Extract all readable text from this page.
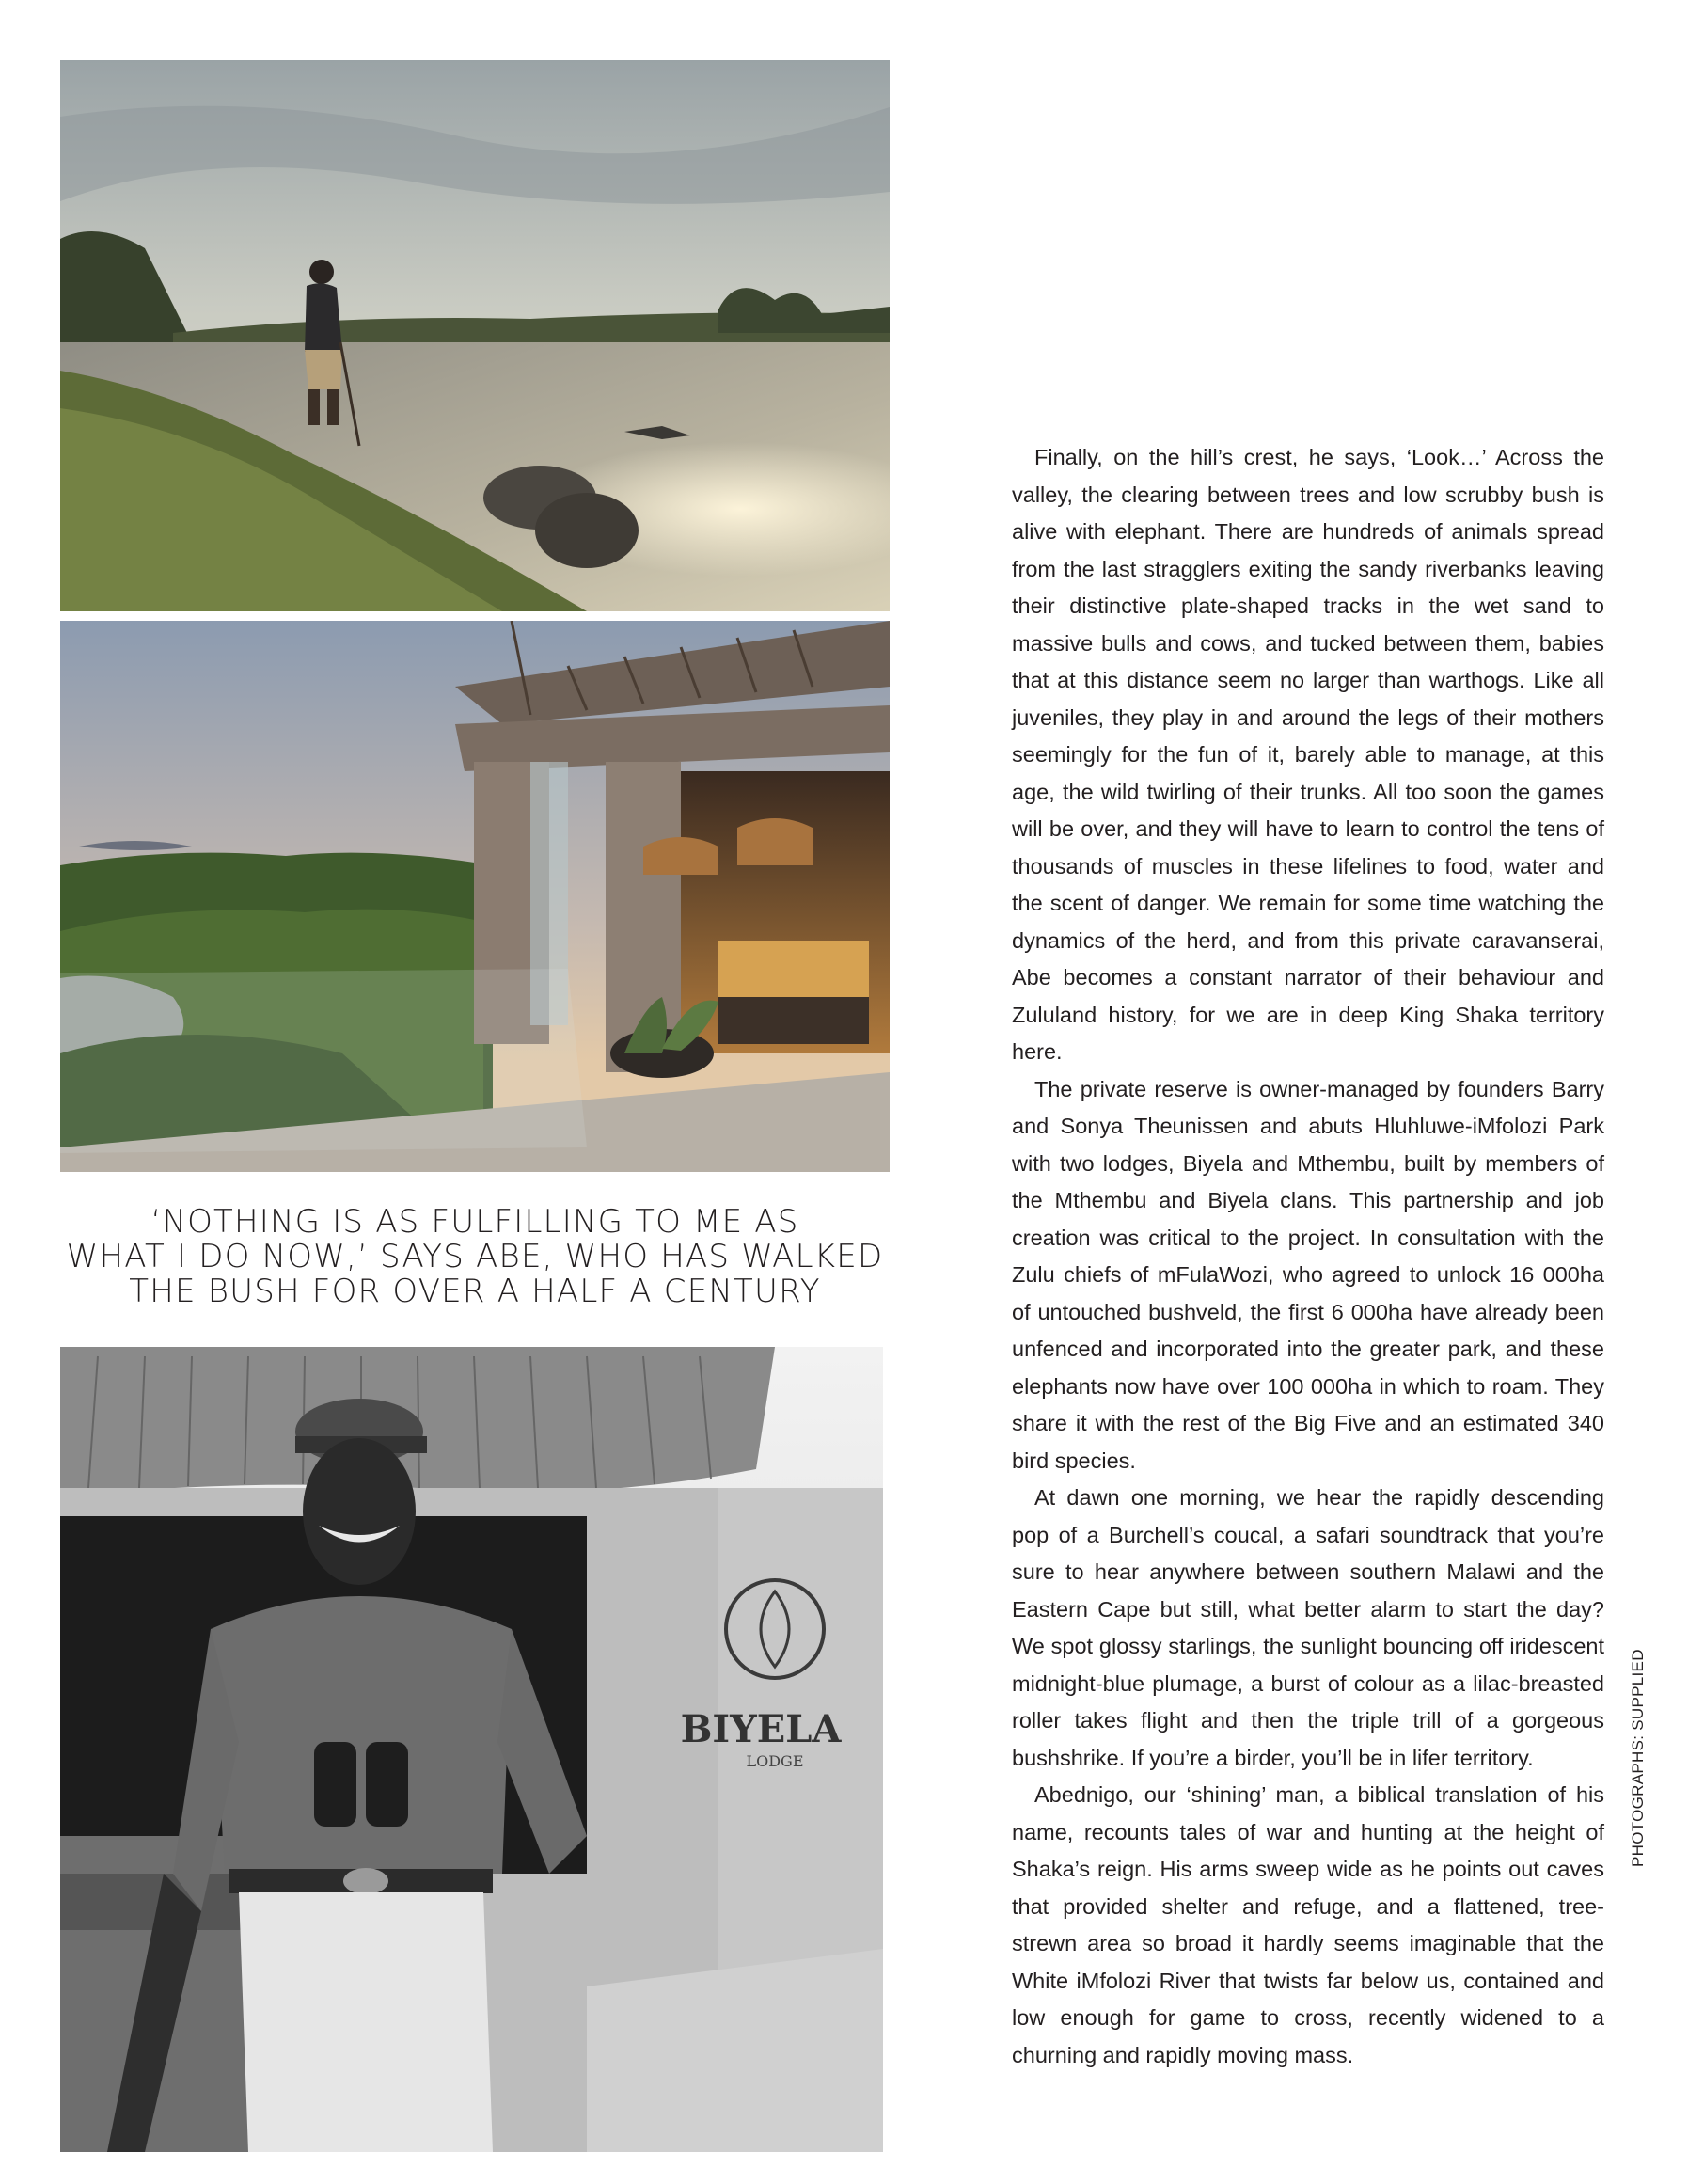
‘NOTHING IS AS FULFILLING TO ME AS
WHAT I DO NOW,’ SAYS ABE, WHO HAS WALKED
THE BUSH FOR OVER A HALF A CENTURY
BIYELA
LODGE

Finally, on the hill’s crest, he says, ‘Look…’ Across the valley, the clearing between trees and low scrubby bush is alive with elephant. There are hundreds of animals spread from the last stragglers exiting the sandy riverbanks leaving their distinctive plate-shaped tracks in the wet sand to massive bulls and cows, and tucked between them, babies that at this distance seem no larger than warthogs. Like all juveniles, they play in and around the legs of their mothers seemingly for the fun of it, barely able to manage, at this age, the wild twirling of their trunks. All too soon the games will be over, and they will have to learn to control the tens of thousands of muscles in these lifelines to food, water and the scent of danger. We remain for some time watching the dynamics of the herd, and from this private caravanserai, Abe becomes a constant narrator of their behaviour and Zululand history, for we are in deep King Shaka territory here.

The private reserve is owner-managed by founders Barry and Sonya Theunissen and abuts Hluhluwe-iMfolozi Park with two lodges, Biyela and Mthembu, built by members of the Mthembu and Biyela clans. This partnership and job creation was critical to the project. In consultation with the Zulu chiefs of mFulaWozi, who agreed to unlock 16 000ha of untouched bushveld, the first 6 000ha have already been unfenced and incorporated into the greater park, and these elephants now have over 100 000ha in which to roam. They share it with the rest of the Big Five and an estimated 340 bird species.

At dawn one morning, we hear the rapidly descending pop of a Burchell’s coucal, a safari soundtrack that you’re sure to hear anywhere between southern Malawi and the Eastern Cape but still, what better alarm to start the day? We spot glossy starlings, the sunlight bouncing off iridescent midnight-blue plumage, a burst of colour as a lilac-breasted roller takes flight and then the triple trill of a gorgeous bushshrike. If you’re a birder, you’ll be in lifer territory.

Abednigo, our ‘shining’ man, a biblical translation of his name, recounts tales of war and hunting at the height of Shaka’s reign. His arms sweep wide as he points out caves that provided shelter and refuge, and a flattened, tree-strewn area so broad it hardly seems imaginable that the White iMfolozi River that twists far below us, contained and low enough for game to cross, recently widened to a churning and rapidly moving mass.

PHOTOGRAPHS: SUPPLIED
